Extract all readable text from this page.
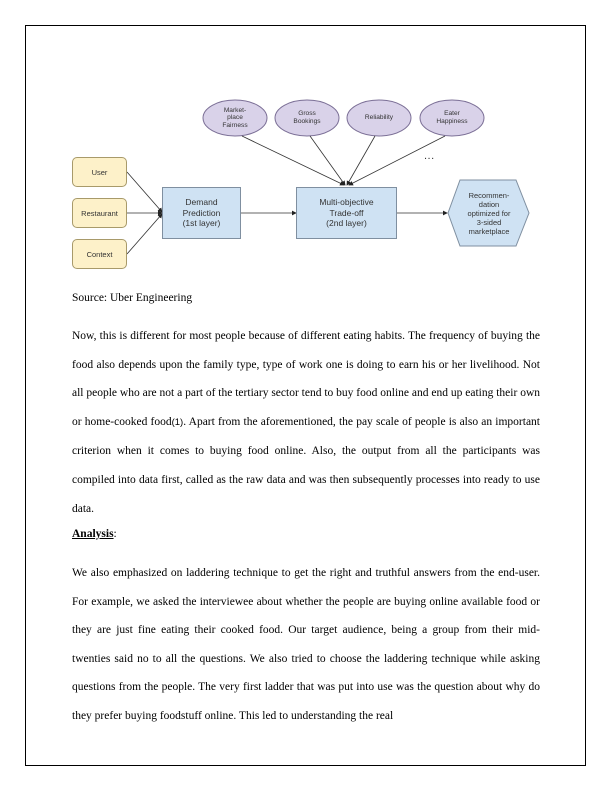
User
Restaurant
Context
Market-
place
Fairness
Gross
Bookings
Reliability
Eater
Happiness
...
Demand
Prediction
(1st layer)
Multi-objective
Trade-off
(2nd layer)
Recommen-
dation
optimized for
3-sided
marketplace
Source: Uber Engineering

Now, this is different for most people because of different eating habits. The frequency of buying the food also depends upon the family type, type of work one is doing to earn his or her livelihood. Not all people who are not a part of the tertiary sector tend to buy food online and end up eating their own or home-cooked food(1). Apart from the aforementioned, the pay scale of people is also an important criterion when it comes to buying food online. Also, the output from all the participants was compiled into data first, called as the raw data and was then subsequently processes into ready to use data.

Analysis:

We also emphasized on laddering technique to get the right and truthful answers from the end-user. For example, we asked the interviewee about whether the people are buying online available food or they are just fine eating their cooked food. Our target audience, being a group from their mid-twenties said no to all the questions. We also tried to choose the laddering technique while asking questions from the people. The very first ladder that was put into use was the question about why do they prefer buying foodstuff online. This led to understanding the real
